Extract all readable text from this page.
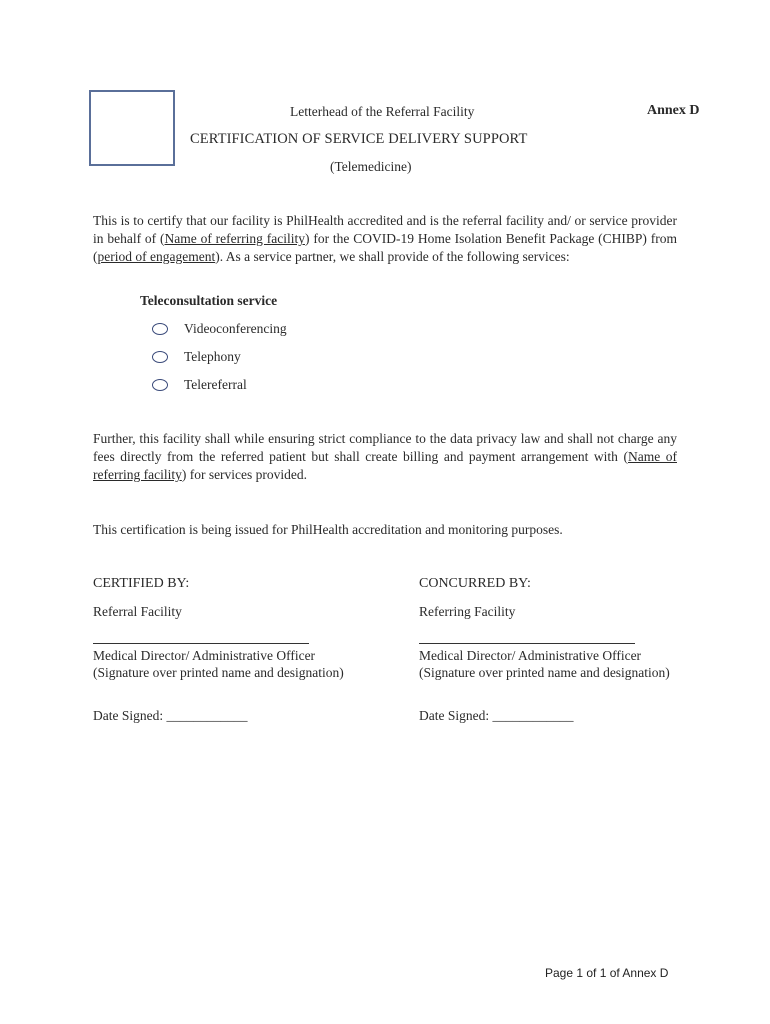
Letterhead of the Referral Facility	Annex D
CERTIFICATION OF SERVICE DELIVERY SUPPORT
(Telemedicine)
This is to certify that our facility is PhilHealth accredited and is the referral facility and/ or service provider in behalf of (Name of referring facility) for the COVID-19 Home Isolation Benefit Package (CHIBP) from (period of engagement). As a service partner, we shall provide of the following services:
Teleconsultation service
Videoconferencing
Telephony
Telereferral
Further, this facility shall while ensuring strict compliance to the data privacy law and shall not charge any fees directly from the referred patient but shall create billing and payment arrangement with (Name of referring facility) for services provided.
This certification is being issued for PhilHealth accreditation and monitoring purposes.
CERTIFIED BY:
Referral Facility
Medical Director/ Administrative Officer
(Signature over printed name and designation)
Date Signed: ____________
CONCURRED BY:
Referring Facility
Medical Director/ Administrative Officer
(Signature over printed name and designation)
Date Signed: ____________
Page 1 of 1 of Annex D
